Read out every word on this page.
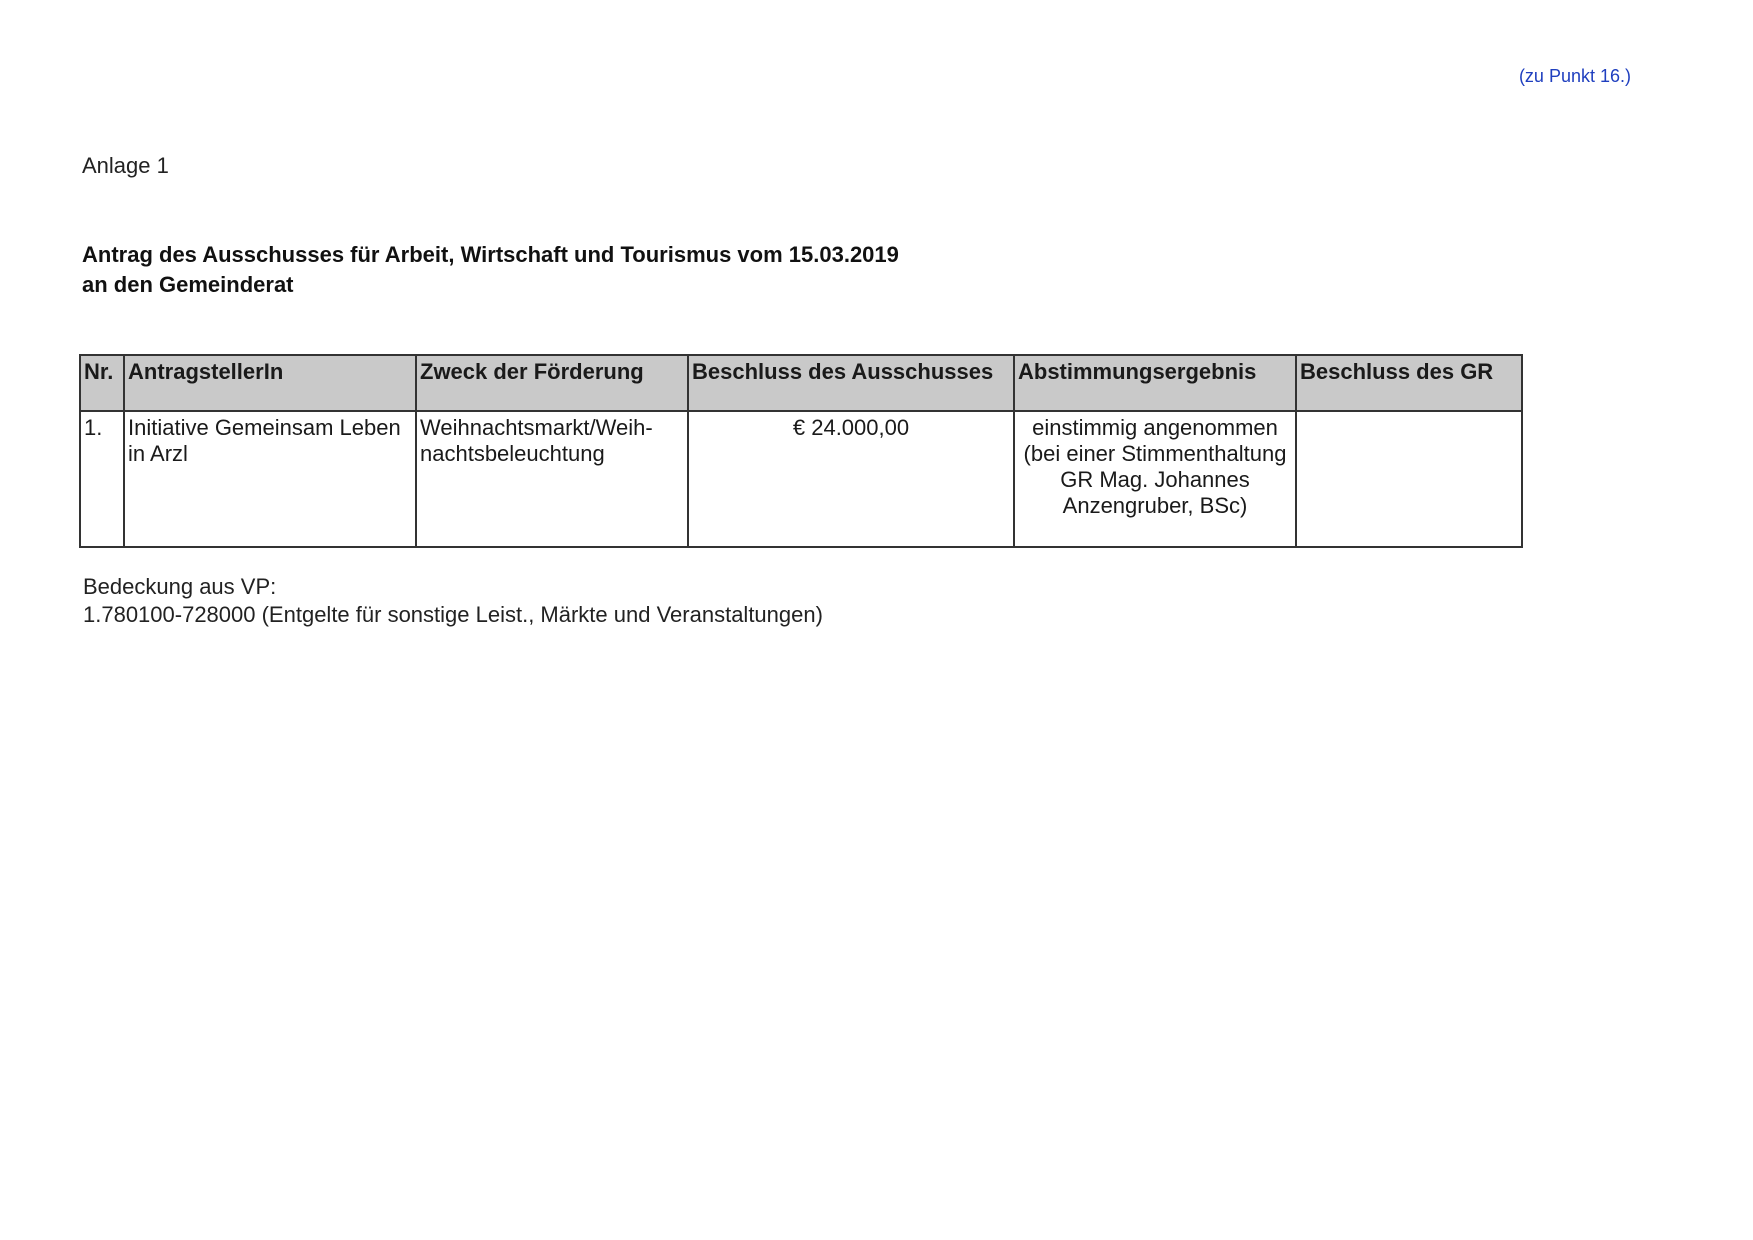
(zu Punkt 16.)
Anlage 1
Antrag des Ausschusses für Arbeit, Wirtschaft und Tourismus vom 15.03.2019
an den Gemeinderat
Nr.	AntragstellerIn	Zweck der Förderung	Beschluss des Ausschusses	Abstimmungsergebnis	Beschluss des GR
1.	Initiative Gemeinsam Leben in Arzl	Weihnachtsmarkt/Weih-nachtsbeleuchtung	€ 24.000,00	einstimmig angenommen (bei einer Stimmenthaltung GR Mag. Johannes Anzengruber, BSc)	
Bedeckung aus VP:
1.780100-728000 (Entgelte für sonstige Leist., Märkte und Veranstaltungen)
